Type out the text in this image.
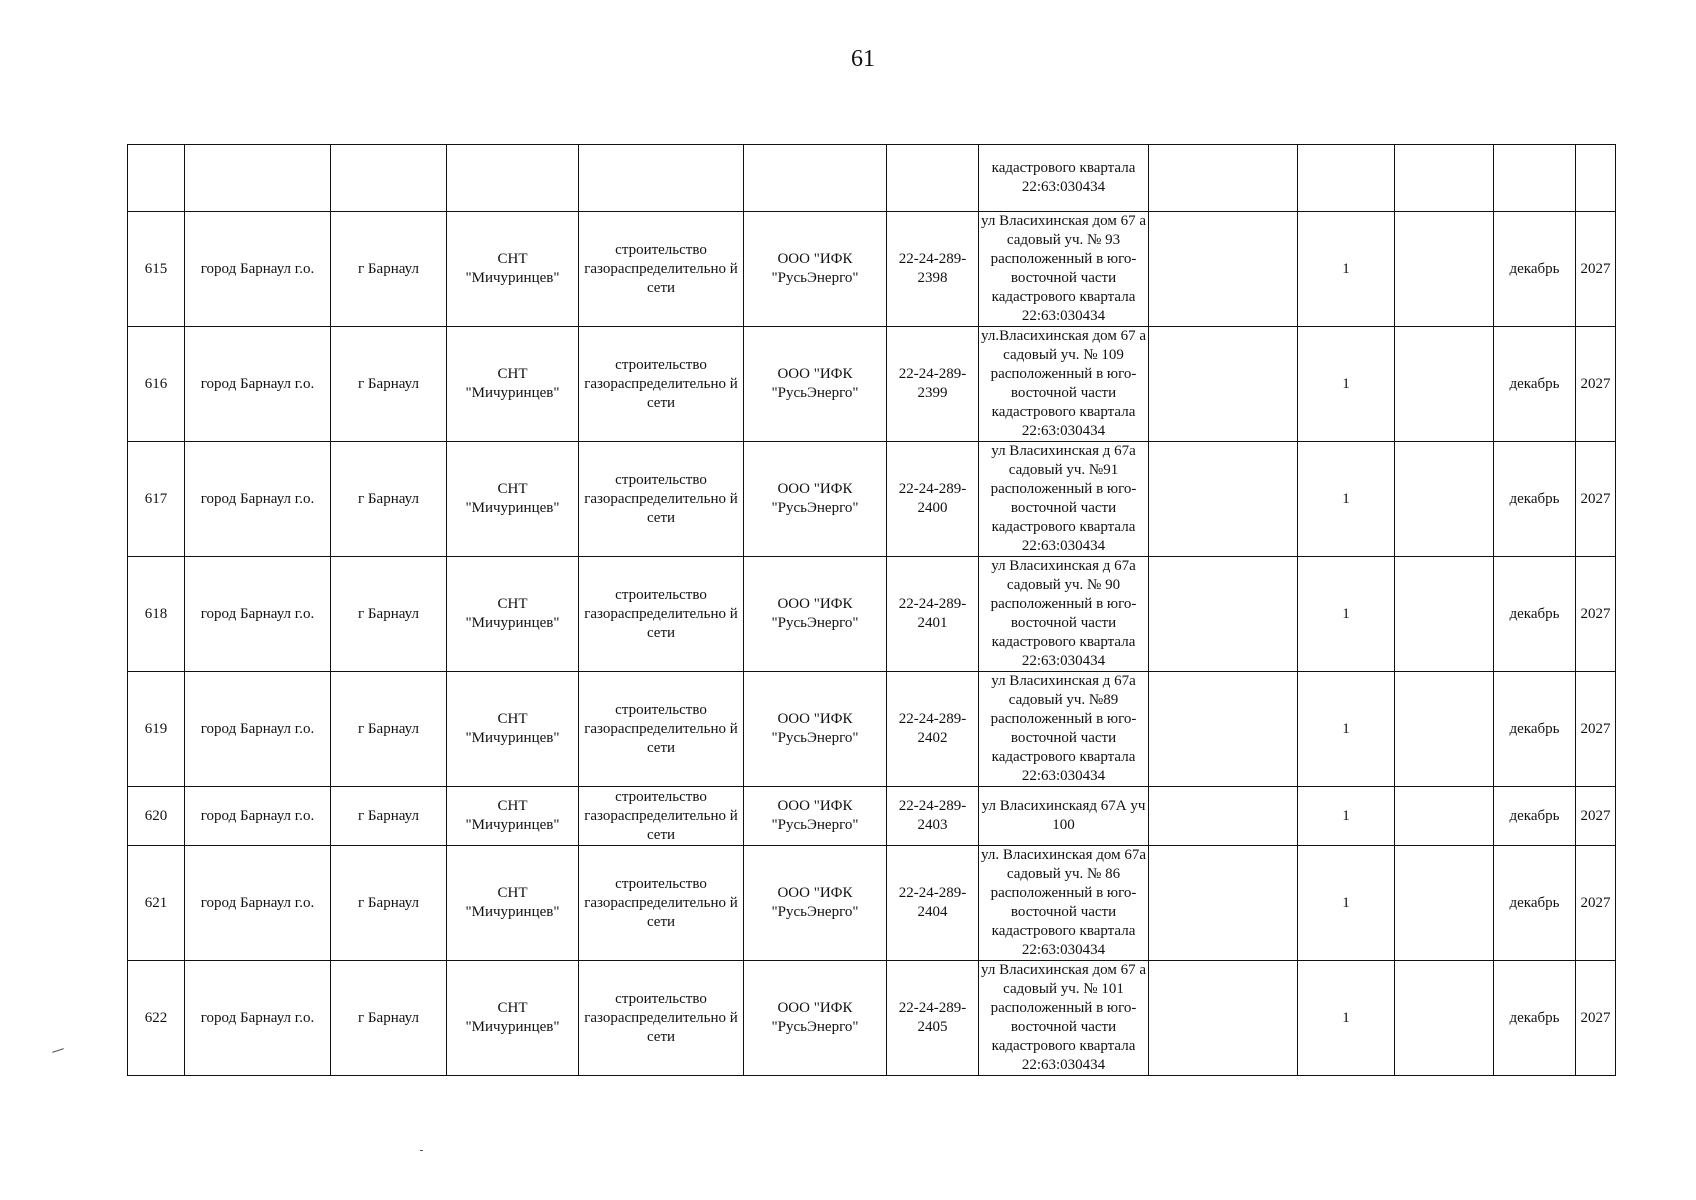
61
							кадастрового квартала 22:63:030434					
615	город Барнаул г.о.	г Барнаул	СНТ "Мичуринцев"	строительство газораспределительно й сети	ООО "ИФК "РусьЭнерго"	22-24-289-2398	ул Власихинская дом 67 а садовый уч. № 93 расположенный в юго-восточной части кадастрового квартала 22:63:030434		1		декабрь	2027
616	город Барнаул г.о.	г Барнаул	СНТ "Мичуринцев"	строительство газораспределительно й сети	ООО "ИФК "РусьЭнерго"	22-24-289-2399	ул.Власихинская дом 67 а садовый уч. № 109 расположенный в юго-восточной части кадастрового квартала 22:63:030434		1		декабрь	2027
617	город Барнаул г.о.	г Барнаул	СНТ "Мичуринцев"	строительство газораспределительно й сети	ООО "ИФК "РусьЭнерго"	22-24-289-2400	ул Власихинская д 67а садовый уч. №91 расположенный в юго-восточной части кадастрового квартала 22:63:030434		1		декабрь	2027
618	город Барнаул г.о.	г Барнаул	СНТ "Мичуринцев"	строительство газораспределительно й сети	ООО "ИФК "РусьЭнерго"	22-24-289-2401	ул Власихинская д 67а садовый уч. № 90 расположенный в юго-восточной части кадастрового квартала 22:63:030434		1		декабрь	2027
619	город Барнаул г.о.	г Барнаул	СНТ "Мичуринцев"	строительство газораспределительно й сети	ООО "ИФК "РусьЭнерго"	22-24-289-2402	ул Власихинская д 67а садовый уч. №89 расположенный в юго-восточной части кадастрового квартала 22:63:030434		1		декабрь	2027
620	город Барнаул г.о.	г Барнаул	СНТ "Мичуринцев"	строительство газораспределительно й сети	ООО "ИФК "РусьЭнерго"	22-24-289-2403	ул Власихинскаяд 67А уч 100		1		декабрь	2027
621	город Барнаул г.о.	г Барнаул	СНТ "Мичуринцев"	строительство газораспределительно й сети	ООО "ИФК "РусьЭнерго"	22-24-289-2404	ул. Власихинская дом 67а садовый уч. № 86 расположенный в юго-восточной части кадастрового квартала 22:63:030434		1		декабрь	2027
622	город Барнаул г.о.	г Барнаул	СНТ "Мичуринцев"	строительство газораспределительно й сети	ООО "ИФК "РусьЭнерго"	22-24-289-2405	ул Власихинская дом 67 а садовый уч. № 101 расположенный в юго-восточной части кадастрового квартала 22:63:030434		1		декабрь	2027
